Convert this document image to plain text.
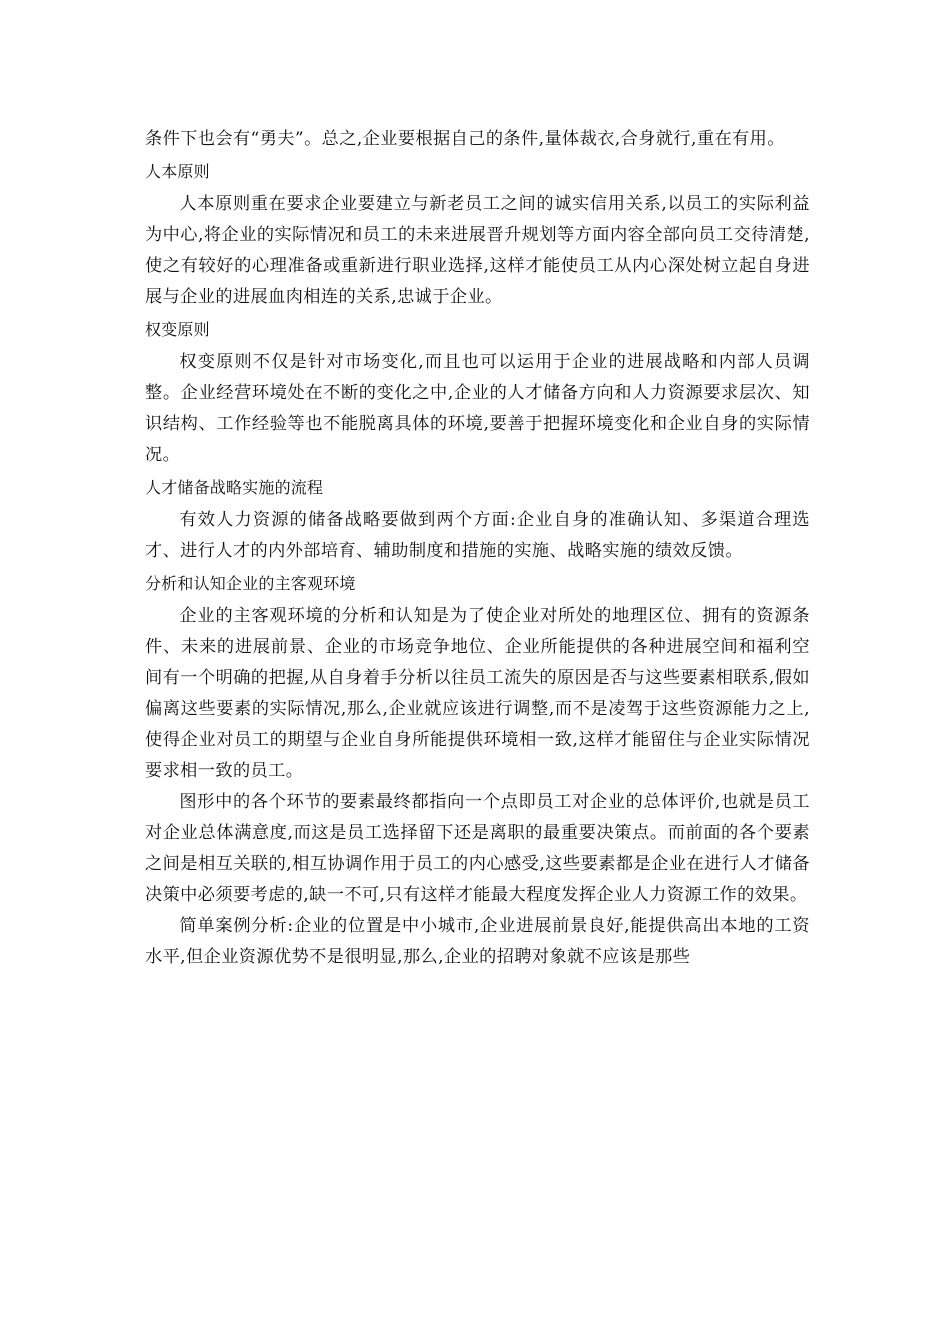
条件下也会有“勇夫”。总之,企业要根据自己的条件,量体裁衣,合身就行,重在有用。

人本原则

人本原则重在要求企业要建立与新老员工之间的诚实信用关系,以员工的实际利益为中心,将企业的实际情况和员工的未来进展晋升规划等方面内容全部向员工交待清楚,使之有较好的心理准备或重新进行职业选择,这样才能使员工从内心深处树立起自身进展与企业的进展血肉相连的关系,忠诚于企业。

权变原则

权变原则不仅是针对市场变化,而且也可以运用于企业的进展战略和内部人员调整。企业经营环境处在不断的变化之中,企业的人才储备方向和人力资源要求层次、知识结构、工作经验等也不能脱离具体的环境,要善于把握环境变化和企业自身的实际情况。

人才储备战略实施的流程

有效人力资源的储备战略要做到两个方面:企业自身的准确认知、多渠道合理选才、进行人才的内外部培育、辅助制度和措施的实施、战略实施的绩效反馈。

分析和认知企业的主客观环境

企业的主客观环境的分析和认知是为了使企业对所处的地理区位、拥有的资源条件、未来的进展前景、企业的市场竞争地位、企业所能提供的各种进展空间和福利空间有一个明确的把握,从自身着手分析以往员工流失的原因是否与这些要素相联系,假如偏离这些要素的实际情况,那么,企业就应该进行调整,而不是凌驾于这些资源能力之上,使得企业对员工的期望与企业自身所能提供环境相一致,这样才能留住与企业实际情况要求相一致的员工。

图形中的各个环节的要素最终都指向一个点即员工对企业的总体评价,也就是员工对企业总体满意度,而这是员工选择留下还是离职的最重要决策点。而前面的各个要素之间是相互关联的,相互协调作用于员工的内心感受,这些要素都是企业在进行人才储备决策中必须要考虑的,缺一不可,只有这样才能最大程度发挥企业人力资源工作的效果。

简单案例分析:企业的位置是中小城市,企业进展前景良好,能提供高出本地的工资水平,但企业资源优势不是很明显,那么,企业的招聘对象就不应该是那些
